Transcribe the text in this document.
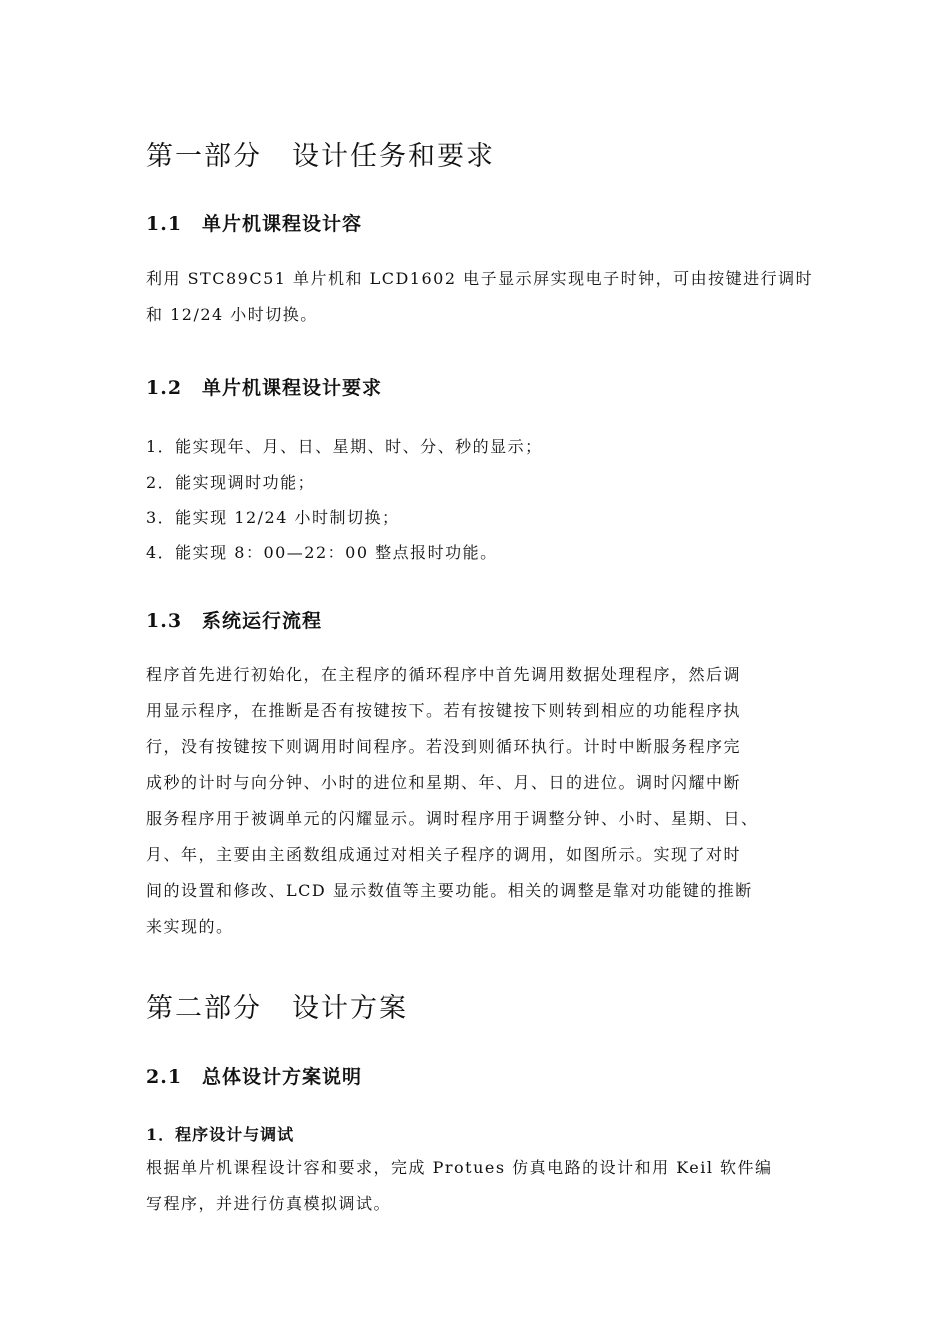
第一部分 设计任务和要求
1.1 单片机课程设计容
利用 STC89C51 单片机和 LCD1602 电子显示屏实现电子时钟，可由按键进行调时
和 12/24 小时切换。
1.2 单片机课程设计要求
1．能实现年、月、日、星期、时、分、秒的显示；
2．能实现调时功能；
3．能实现 12/24 小时制切换；
4．能实现 8：00—22：00 整点报时功能。
1.3 系统运行流程
程序首先进行初始化，在主程序的循环程序中首先调用数据处理程序，然后调
用显示程序，在推断是否有按键按下。若有按键按下则转到相应的功能程序执
行，没有按键按下则调用时间程序。若没到则循环执行。计时中断服务程序完
成秒的计时与向分钟、小时的进位和星期、年、月、日的进位。调时闪耀中断
服务程序用于被调单元的闪耀显示。调时程序用于调整分钟、小时、星期、日、
月、年，主要由主函数组成通过对相关子程序的调用，如图所示。实现了对时
间的设置和修改、LCD 显示数值等主要功能。相关的调整是靠对功能键的推断
来实现的。
第二部分 设计方案
2.1 总体设计方案说明
1．程序设计与调试
根据单片机课程设计容和要求，完成 Protues 仿真电路的设计和用 Keil 软件编
写程序，并进行仿真模拟调试。
